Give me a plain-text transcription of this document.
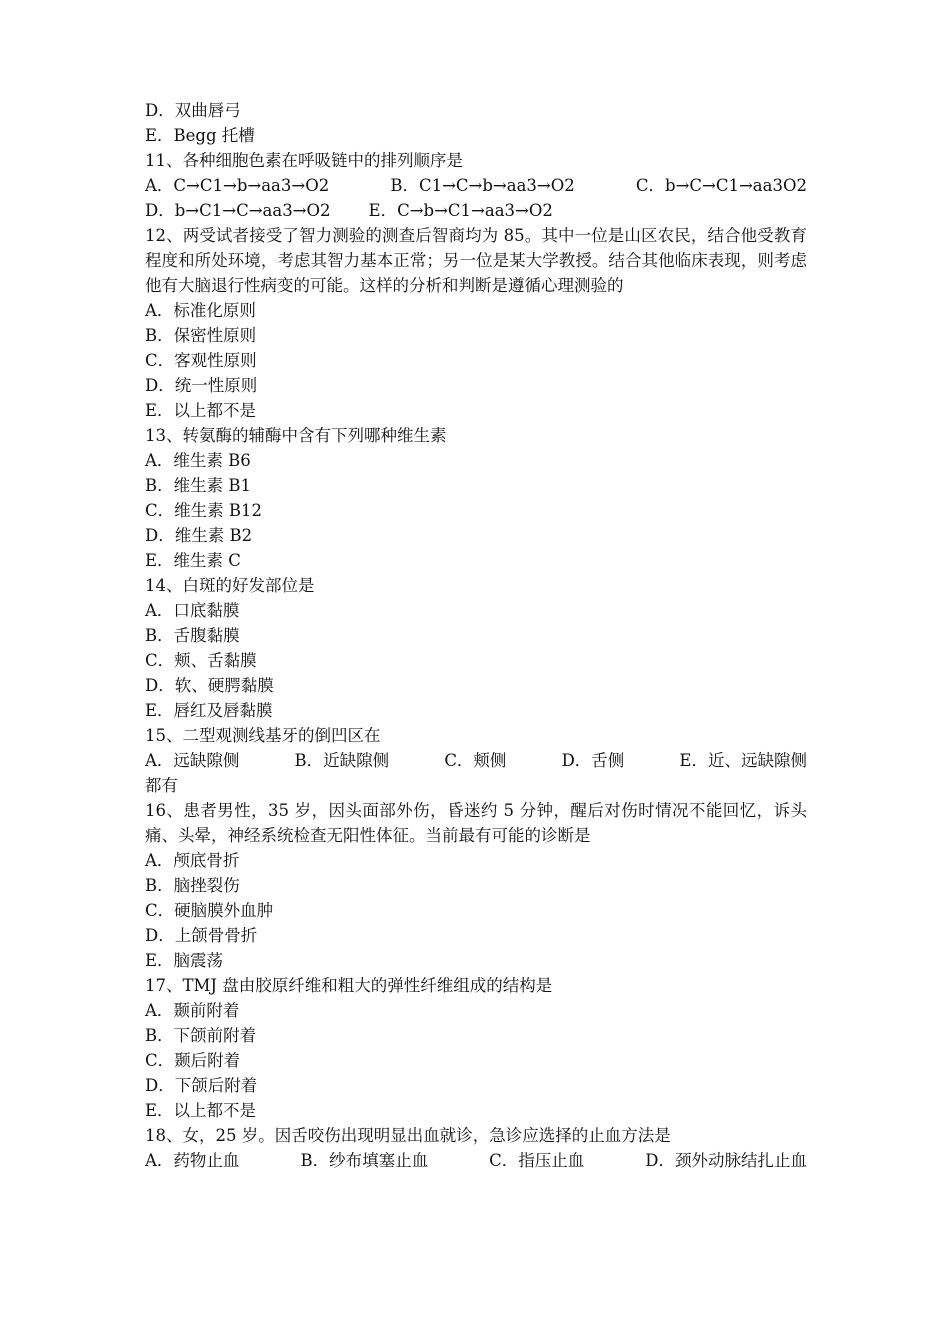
D．双曲唇弓
E．Begg 托槽
11、各种细胞色素在呼吸链中的排列顺序是
A．C→C1→b→aa3→O2	B．C1→C→b→aa3→O2	C．b→C→C1→aa3O2
D．b→C1→C→aa3→O2 E．C→b→C1→aa3→O2
12、两受试者接受了智力测验的测查后智商均为 85。其中一位是山区农民，结合他受教育程度和所处环境，考虑其智力基本正常；另一位是某大学教授。结合其他临床表现，则考虑他有大脑退行性病变的可能。这样的分析和判断是遵循心理测验的
A．标准化原则
B．保密性原则
C．客观性原则
D．统一性原则
E．以上都不是
13、转氨酶的辅酶中含有下列哪种维生素
A．维生素 B6
B．维生素 B1
C．维生素 B12
D．维生素 B2
E．维生素 C
14、白斑的好发部位是
A．口底黏膜
B．舌腹黏膜
C．颊、舌黏膜
D．软、硬腭黏膜
E．唇红及唇黏膜
15、二型观测线基牙的倒凹区在
A．远缺隙侧	B．近缺隙侧	C．颊侧	D．舌侧	E．近、远缺隙侧
都有
16、患者男性，35 岁，因头面部外伤，昏迷约 5 分钟，醒后对伤时情况不能回忆，诉头痛、头晕，神经系统检查无阳性体征。当前最有可能的诊断是
A．颅底骨折
B．脑挫裂伤
C．硬脑膜外血肿
D．上颌骨骨折
E．脑震荡
17、TMJ 盘由胶原纤维和粗大的弹性纤维组成的结构是
A．颞前附着
B．下颌前附着
C．颞后附着
D．下颌后附着
E．以上都不是
18、女，25 岁。因舌咬伤出现明显出血就诊，急诊应选择的止血方法是
A．药物止血	B．纱布填塞止血	C．指压止血	D．颈外动脉结扎止血
